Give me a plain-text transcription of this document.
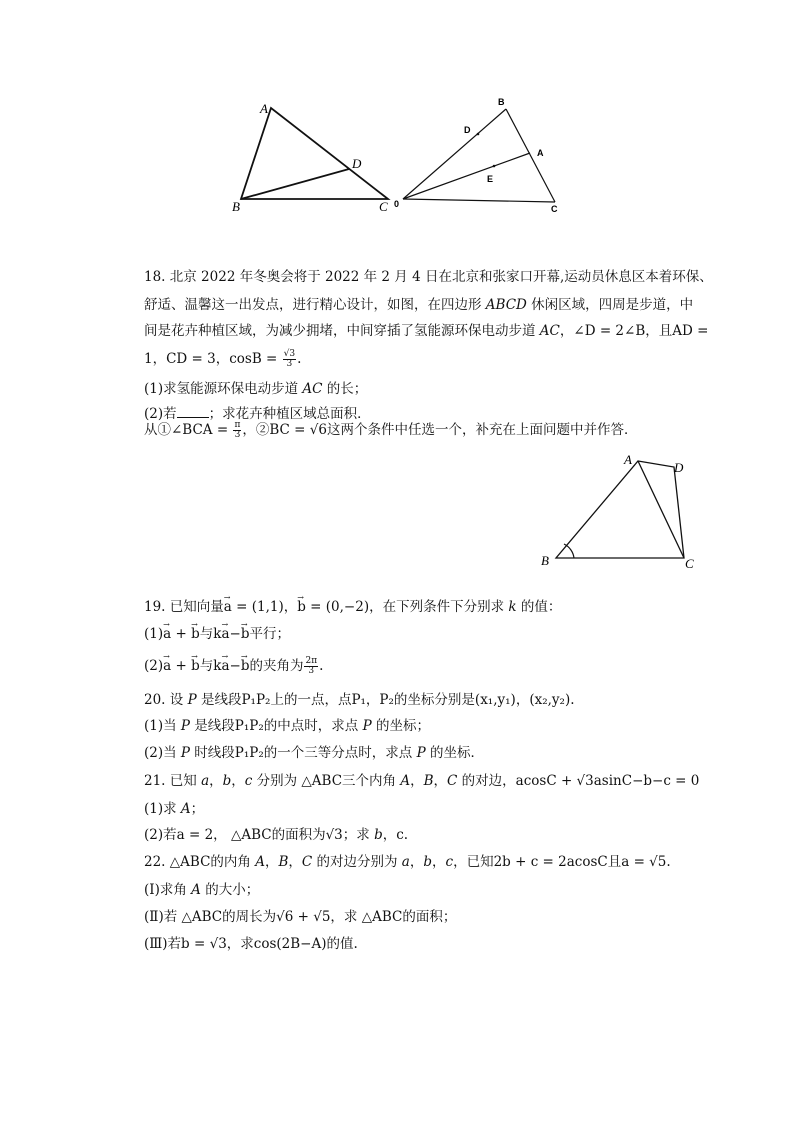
A
B	C
D
B
D
A
E
0	C
18. 北京 2022 年冬奥会将于 2022 年 2 月 4 日在北京和张家口开幕,运动员休息区本着环保、
舒适、温馨这一出发点，进行精心设计，如图，在四边形 ABCD 休闲区域，四周是步道，中
间是花卉种植区域，为减少拥堵，中间穿插了氢能源环保电动步道 AC，∠D = 2∠B，且AD =
1，CD = 3，$\cos B = \frac{√3}{3}$ .
(1)求氢能源环保电动步道 AC 的长；
(2)若 ；求花卉种植区域总面积．
从①∠BCA = $\frac{\pi}{3}$ ，②BC = √6这两个条件中任选一个，补充在上面问题中并作答．
A
D
B	C
19. 已知向量→ a = (1,1)，→ b = (0,−2)，在下列条件下分别求 k 的值：
(1)→ a + → b与k→ a−→ b平行；
(2)→ a + → b与k→ a−→ b的夹角为 $\frac{2\pi}{3}$ .
20. 设 P 是线段P₁P₂上的一点，点P₁，P₂的坐标分别是(x₁,y₁)，(x₂,y₂).
(1)当 P 是线段P₁P₂的中点时，求点 P 的坐标；
(2)当 P 时线段P₁P₂的一个三等分点时，求点 P 的坐标．
21. 已知 a，b，c 分别为 △ABC三个内角 A，B，C 的对边，acosC + √3asinC−b−c = 0
(1)求 A；
(2)若a = 2， △ABC的面积为√3；求 b，c.
22. △ABC的内角 A，B，C 的对边分别为 a，b，c，已知2b + c = 2acosC且a = √5.
(Ⅰ)求角 A 的大小；
(Ⅱ)若 △ABC的周长为√6 + √5，求 △ABC的面积；
(Ⅲ)若b = √3，求cos(2B−A)的值.
